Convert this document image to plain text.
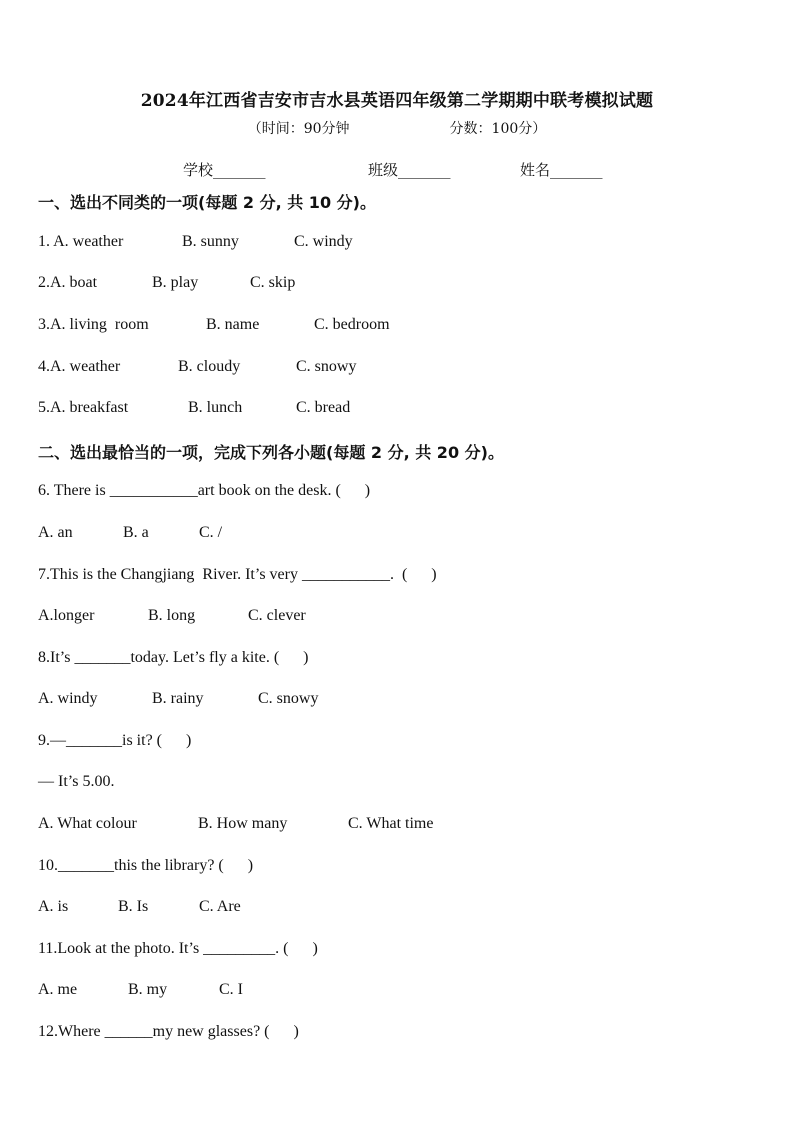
2024年江西省吉安市吉水县英语四年级第二学期期中联考模拟试题
（时间：90分钟	分数：100分）
学校_______	班级_______	姓名_______
一、选出不同类的一项(每题 2 分, 共 10 分)。
1. A. weather	B. sunny	C. windy
2.A. boat	B. play	C. skip
3.A. living  room	B. name	C. bedroom
4.A. weather	B. cloudy	C. snowy
5.A. breakfast	B. lunch	C. bread
二、选出最恰当的一项，完成下列各小题(每题 2 分, 共 20 分)。
6. There is ___________art book on the desk. (      )
A. an	B. a	C. /
7.This is the Changjiang  River. It’s very ___________.  (      )
A.longer	B. long	C. clever
8.It’s _______today. Let’s fly a kite. (      )
A. windy	B. rainy	C. snowy
9.—_______is it? (      )
— It’s 5.00.
A. What colour	B. How many	C. What time
10._______this the library? (      )
A. is	B. Is	C. Are
11.Look at the photo. It’s _________. (      )
A. me	B. my	C. I
12.Where ______my new glasses? (      )
